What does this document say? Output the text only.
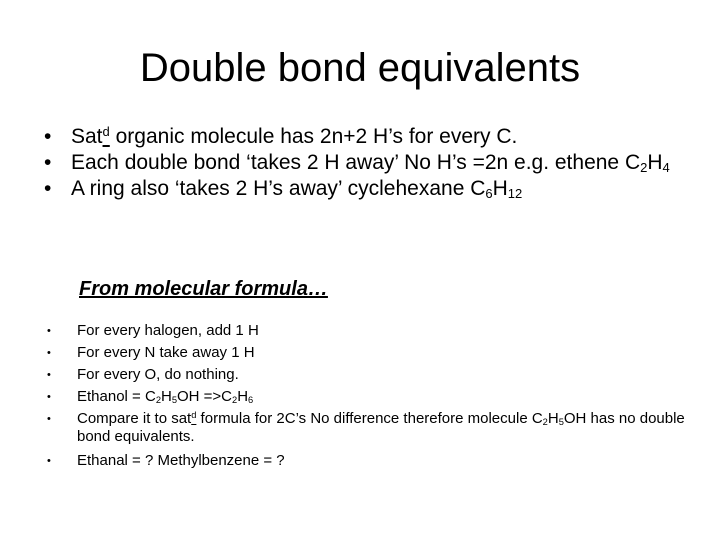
Double bond equivalents
• Sat$^d$ organic molecule has 2n+2 H’s for every C.
• Each double bond ‘takes 2 H away’ No H’s =2n e.g. ethene $C_2H_4$
• A ring also ‘takes 2 H’s away’ cyclehexane $C_6H_{12}$
From molecular formula…
• For every halogen, add 1 H
• For every N take away 1 H
• For every O, do nothing.
• Ethanol = $C_2H_5OH =>C_2H_6$
• Compare it to sat$^d$ formula for 2C’s No difference therefore molecule $C_2H_5OH$ has no double bond equivalents.
• Ethanal = ? Methylbenzene = ?
